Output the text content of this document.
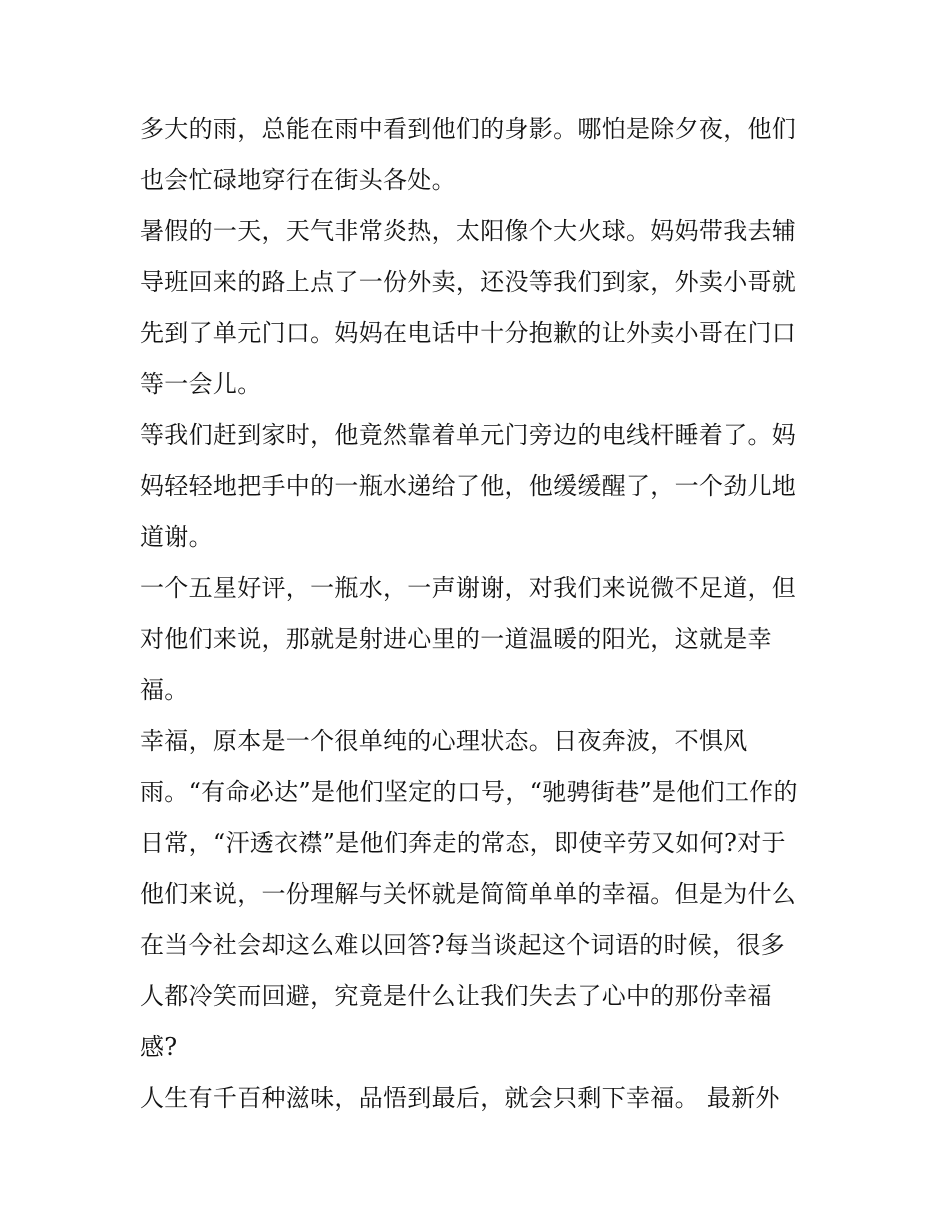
多大的雨，总能在雨中看到他们的身影。哪怕是除夕夜，他们
也会忙碌地穿行在街头各处。
暑假的一天，天气非常炎热，太阳像个大火球。妈妈带我去辅
导班回来的路上点了一份外卖，还没等我们到家，外卖小哥就
先到了单元门口。妈妈在电话中十分抱歉的让外卖小哥在门口
等一会儿。
等我们赶到家时，他竟然靠着单元门旁边的电线杆睡着了。妈
妈轻轻地把手中的一瓶水递给了他，他缓缓醒了，一个劲儿地
道谢。
一个五星好评，一瓶水，一声谢谢，对我们来说微不足道，但
对他们来说，那就是射进心里的一道温暖的阳光，这就是幸
福。
幸福，原本是一个很单纯的心理状态。日夜奔波，不惧风
雨。“有命必达”是他们坚定的口号，“驰骋街巷”是他们工作的
日常，“汗透衣襟”是他们奔走的常态，即使辛劳又如何?对于
他们来说，一份理解与关怀就是简简单单的幸福。但是为什么
在当今社会却这么难以回答?每当谈起这个词语的时候，很多
人都冷笑而回避，究竟是什么让我们失去了心中的那份幸福
感?
人生有千百种滋味，品悟到最后，就会只剩下幸福。 最新外
